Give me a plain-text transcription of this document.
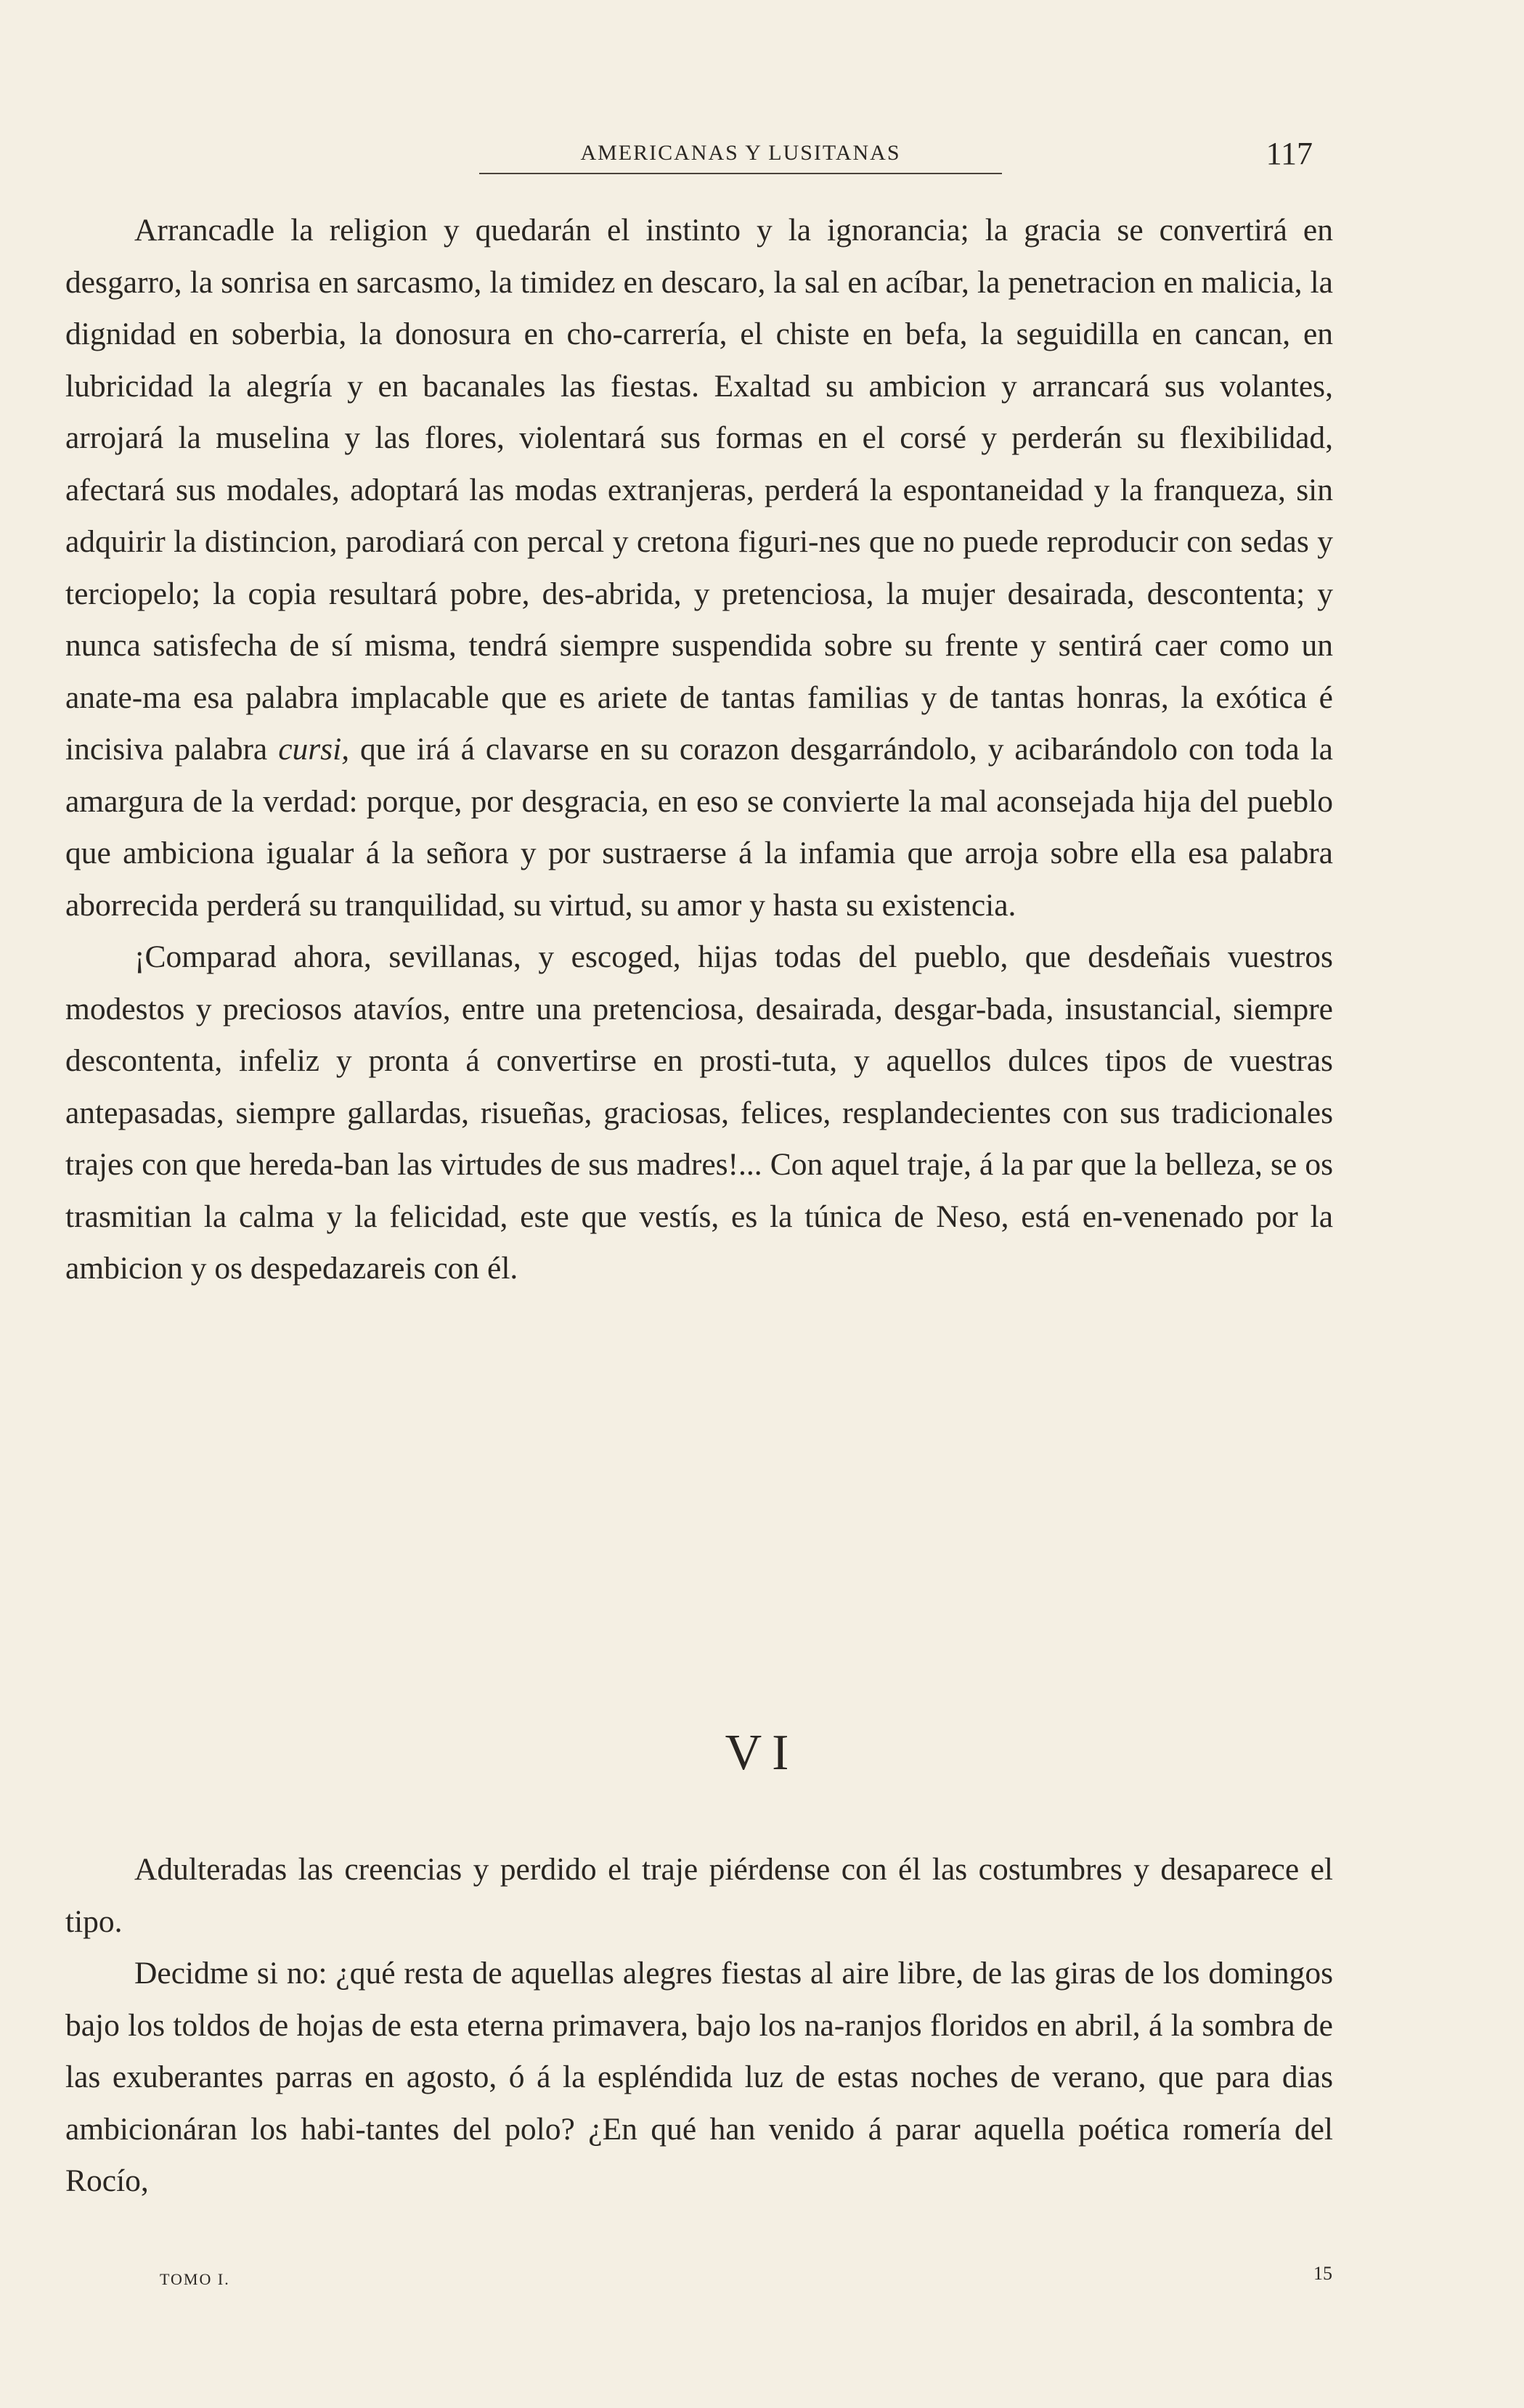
AMERICANAS Y LUSITANAS	117

Arrancadle la religion y quedarán el instinto y la ignorancia; la gracia se convertirá en desgarro, la sonrisa en sarcasmo, la timidez en descaro, la sal en acíbar, la penetracion en malicia, la dignidad en soberbia, la donosura en cho-carrería, el chiste en befa, la seguidilla en cancan, en lubricidad la alegría y en bacanales las fiestas. Exaltad su ambicion y arrancará sus volantes, arrojará la muselina y las flores, violentará sus formas en el corsé y perderán su flexibilidad, afectará sus modales, adoptará las modas extranjeras, perderá la espontaneidad y la franqueza, sin adquirir la distincion, parodiará con percal y cretona figuri-nes que no puede reproducir con sedas y terciopelo; la copia resultará pobre, des-abrida, y pretenciosa, la mujer desairada, descontenta; y nunca satisfecha de sí misma, tendrá siempre suspendida sobre su frente y sentirá caer como un anate-ma esa palabra implacable que es ariete de tantas familias y de tantas honras, la exótica é incisiva palabra cursi, que irá á clavarse en su corazon desgarrándolo, y acibarándolo con toda la amargura de la verdad: porque, por desgracia, en eso se convierte la mal aconsejada hija del pueblo que ambiciona igualar á la señora y por sustraerse á la infamia que arroja sobre ella esa palabra aborrecida perderá su tranquilidad, su virtud, su amor y hasta su existencia.

¡Comparad ahora, sevillanas, y escoged, hijas todas del pueblo, que desdeñais vuestros modestos y preciosos atavíos, entre una pretenciosa, desairada, desgar-bada, insustancial, siempre descontenta, infeliz y pronta á convertirse en prosti-tuta, y aquellos dulces tipos de vuestras antepasadas, siempre gallardas, risueñas, graciosas, felices, resplandecientes con sus tradicionales trajes con que hereda-ban las virtudes de sus madres!... Con aquel traje, á la par que la belleza, se os trasmitian la calma y la felicidad, este que vestís, es la túnica de Neso, está en-venenado por la ambicion y os despedazareis con él.

VI

Adulteradas las creencias y perdido el traje piérdense con él las costumbres y desaparece el tipo.

Decidme si no: ¿qué resta de aquellas alegres fiestas al aire libre, de las giras de los domingos bajo los toldos de hojas de esta eterna primavera, bajo los na-ranjos floridos en abril, á la sombra de las exuberantes parras en agosto, ó á la espléndida luz de estas noches de verano, que para dias ambicionáran los habi-tantes del polo? ¿En qué han venido á parar aquella poética romería del Rocío,

TOMO I.	15
